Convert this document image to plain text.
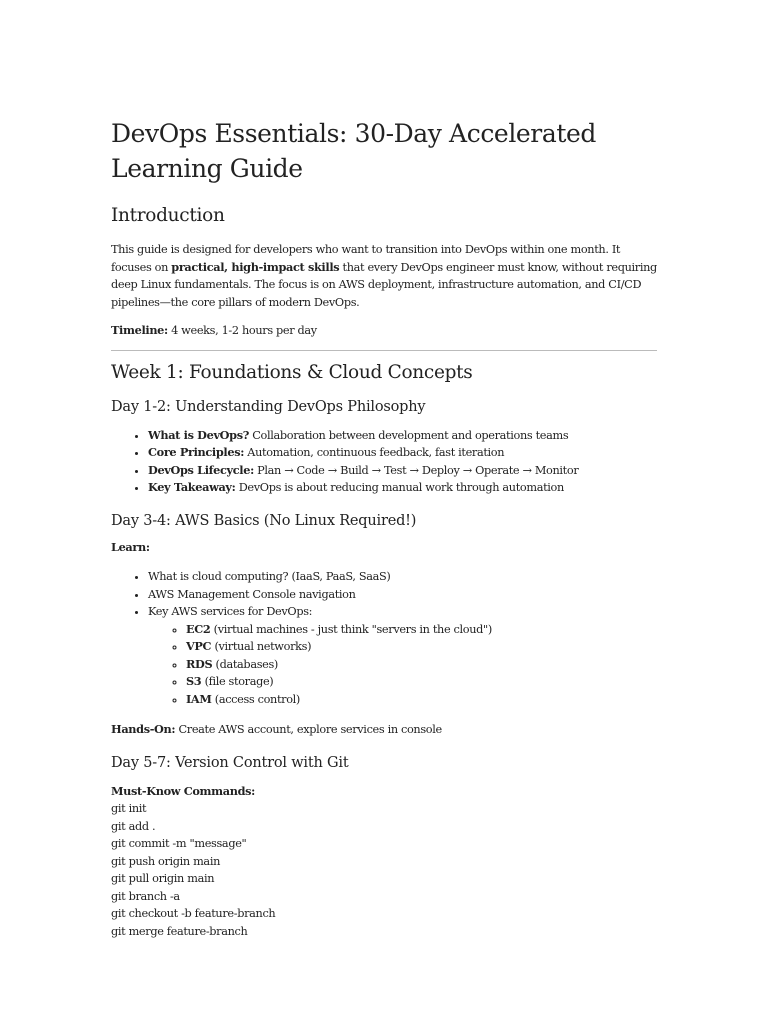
DevOps Essentials: 30-Day Accelerated Learning Guide
Introduction

This guide is designed for developers who want to transition into DevOps within one month. It focuses on practical, high-impact skills that every DevOps engineer must know, without requiring deep Linux fundamentals. The focus is on AWS deployment, infrastructure automation, and CI/CD pipelines—the core pillars of modern DevOps.

Timeline: 4 weeks, 1-2 hours per day

Week 1: Foundations & Cloud Concepts
Day 1-2: Understanding DevOps Philosophy
• What is DevOps? Collaboration between development and operations teams
• Core Principles: Automation, continuous feedback, fast iteration
• DevOps Lifecycle: Plan → Code → Build → Test → Deploy → Operate → Monitor
• Key Takeaway: DevOps is about reducing manual work through automation
Day 3-4: AWS Basics (No Linux Required!)

Learn:

• What is cloud computing? (IaaS, PaaS, SaaS)
• AWS Management Console navigation
• Key AWS services for DevOps:
◦ EC2 (virtual machines - just think "servers in the cloud")
◦ VPC (virtual networks)
◦ RDS (databases)
◦ S3 (file storage)
◦ IAM (access control)

Hands-On: Create AWS account, explore services in console

Day 5-7: Version Control with Git

Must-Know Commands:

git init

git add .

git commit -m "message"

git push origin main

git pull origin main

git branch -a

git checkout -b feature-branch

git merge feature-branch
